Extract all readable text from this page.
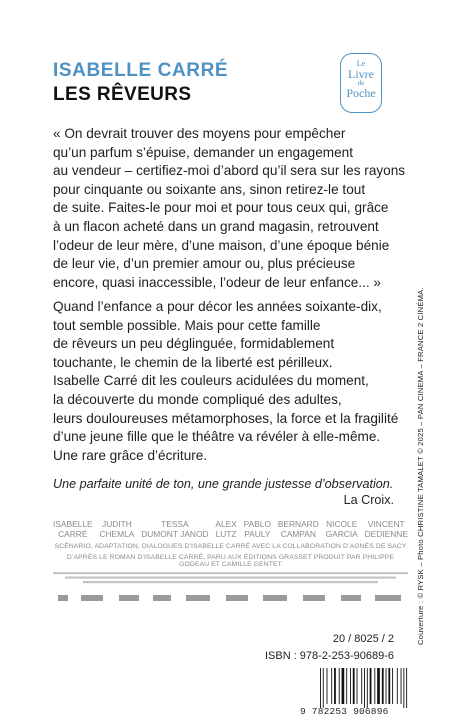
ISABELLE CARRÉ
LES RÊVEURS
Le
Livre
de
Poche
« On devrait trouver des moyens pour empêcher
qu’un parfum s’épuise, demander un engagement
au vendeur – certifiez-moi d’abord qu’il sera sur les rayons
pour cinquante ou soixante ans, sinon retirez-le tout
de suite. Faites-le pour moi et pour tous ceux qui, grâce
à un flacon acheté dans un grand magasin, retrouvent
l’odeur de leur mère, d’une maison, d’une époque bénie
de leur vie, d’un premier amour ou, plus précieuse
encore, quasi inaccessible, l’odeur de leur enfance... »
Quand l’enfance a pour décor les années soixante-dix,
tout semble possible. Mais pour cette famille
de rêveurs un peu déglinguée, formidablement
touchante, le chemin de la liberté est périlleux.
Isabelle Carré dit les couleurs acidulées du moment,
la découverte du monde compliqué des adultes,
leurs douloureuses métamorphoses, la force et la fragilité
d’une jeune fille que le théâtre va révéler à elle-même.
Une rare grâce d’écriture.
Une parfaite unité de ton, une grande justesse d’observation.
La Croix.	Couverture : © RYSK – Photo CHRISTINE TAMALET © 2025 – PAN CINEMA – FRANCE 2 CINÉMA.
ISABELLE
CARRÉ
JUDITH
CHEMLA
TESSA
DUMONT JANOD
ALEX
LUTZ
PABLO
PAULY
BERNARD
CAMPAN
NICOLE
GARCIA
VINCENT
DEDIENNE
SCÉNARIO, ADAPTATION, DIALOGUES D’ISABELLE CARRÉ AVEC LA COLLABORATION D’AGNÈS DE SACY
D’APRÈS LE ROMAN D’ISABELLE CARRÉ, PARU AUX ÉDITIONS GRASSET PRODUIT PAR PHILIPPE GODEAU ET CAMILLE GENTET
20 / 8025 / 2
ISBN : 978-2-253-90689-6
9 782253 906896
